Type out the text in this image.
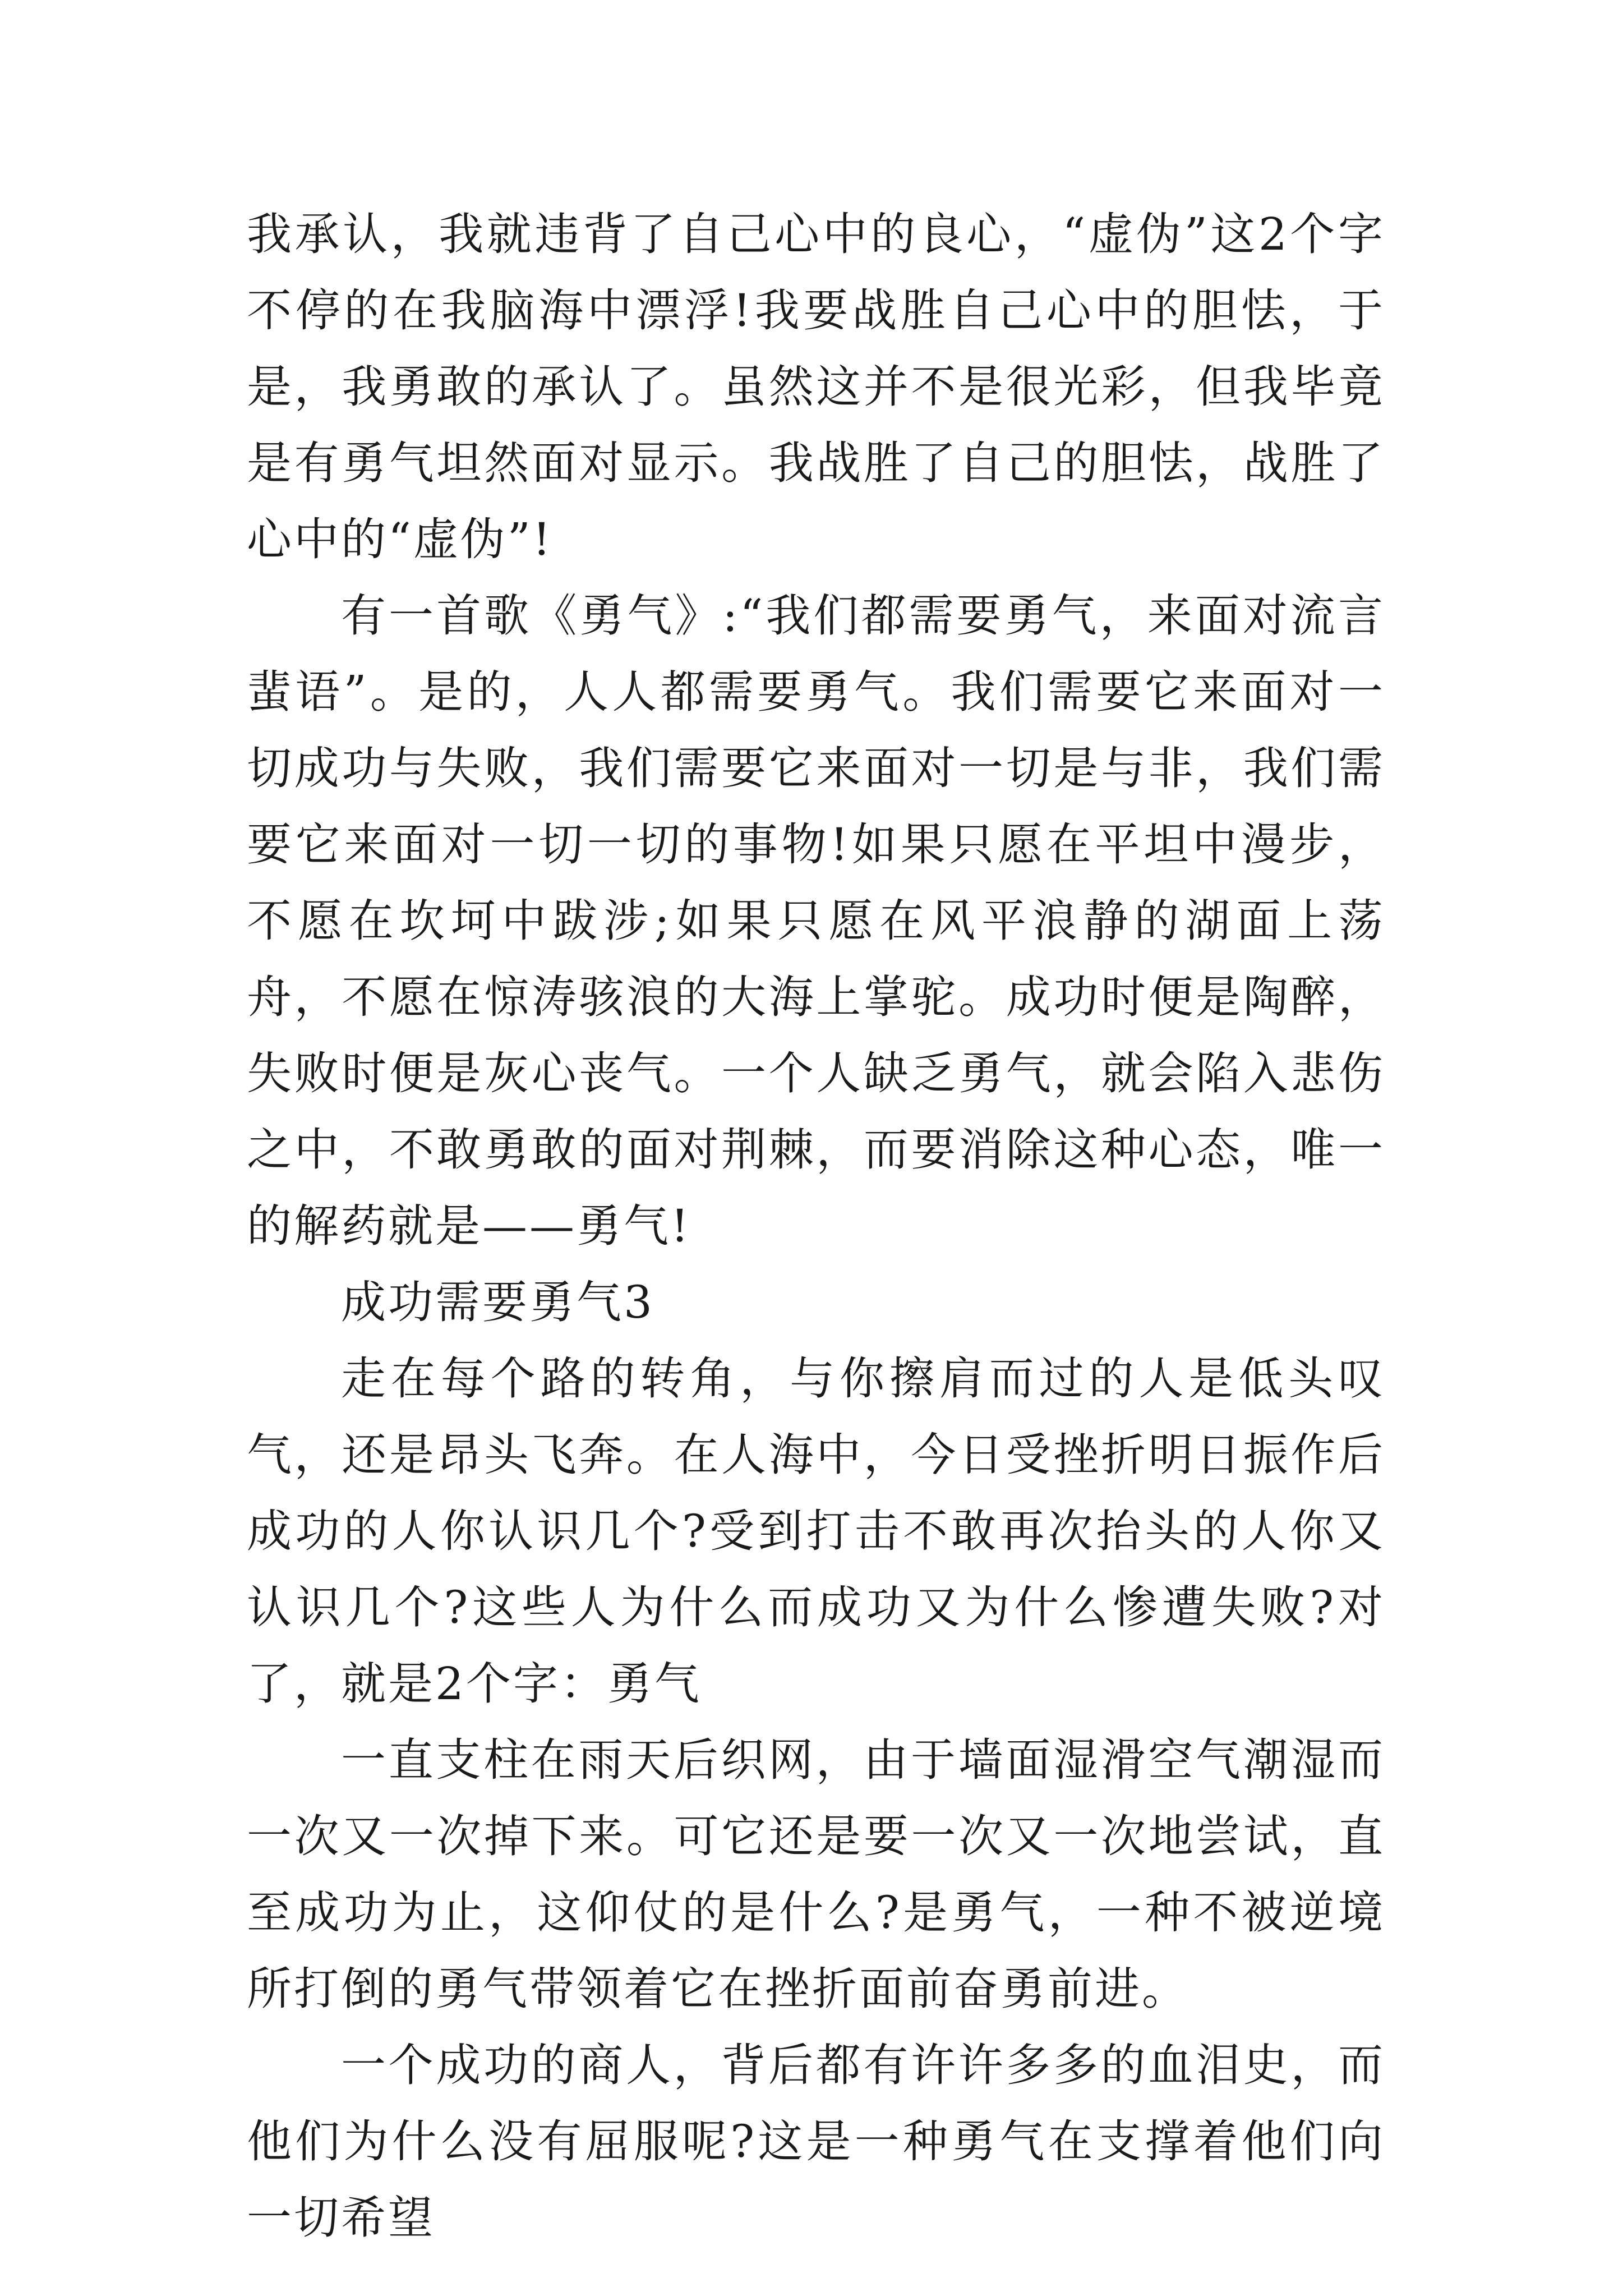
我承认，我就违背了自己心中的良心，“虚伪”这2个字不停的在我脑海中漂浮!我要战胜自己心中的胆怯，于是，我勇敢的承认了。虽然这并不是很光彩，但我毕竟是有勇气坦然面对显示。我战胜了自己的胆怯，战胜了心中的“虚伪”!

有一首歌《勇气》:“我们都需要勇气，来面对流言蜚语”。是的，人人都需要勇气。我们需要它来面对一切成功与失败，我们需要它来面对一切是与非，我们需要它来面对一切一切的事物!如果只愿在平坦中漫步，不愿在坎坷中跋涉;如果只愿在风平浪静的湖面上荡舟，不愿在惊涛骇浪的大海上掌驼。成功时便是陶醉，失败时便是灰心丧气。一个人缺乏勇气，就会陷入悲伤之中，不敢勇敢的面对荆棘，而要消除这种心态，唯一的解药就是——勇气!

成功需要勇气3

走在每个路的转角，与你擦肩而过的人是低头叹气，还是昂头飞奔。在人海中，今日受挫折明日振作后成功的人你认识几个?受到打击不敢再次抬头的人你又认识几个?这些人为什么而成功又为什么惨遭失败?对了，就是2个字：勇气

一直支柱在雨天后织网，由于墙面湿滑空气潮湿而一次又一次掉下来。可它还是要一次又一次地尝试，直至成功为止，这仰仗的是什么?是勇气，一种不被逆境所打倒的勇气带领着它在挫折面前奋勇前进。

一个成功的商人，背后都有许许多多的血泪史，而他们为什么没有屈服呢?这是一种勇气在支撑着他们向一切希望
